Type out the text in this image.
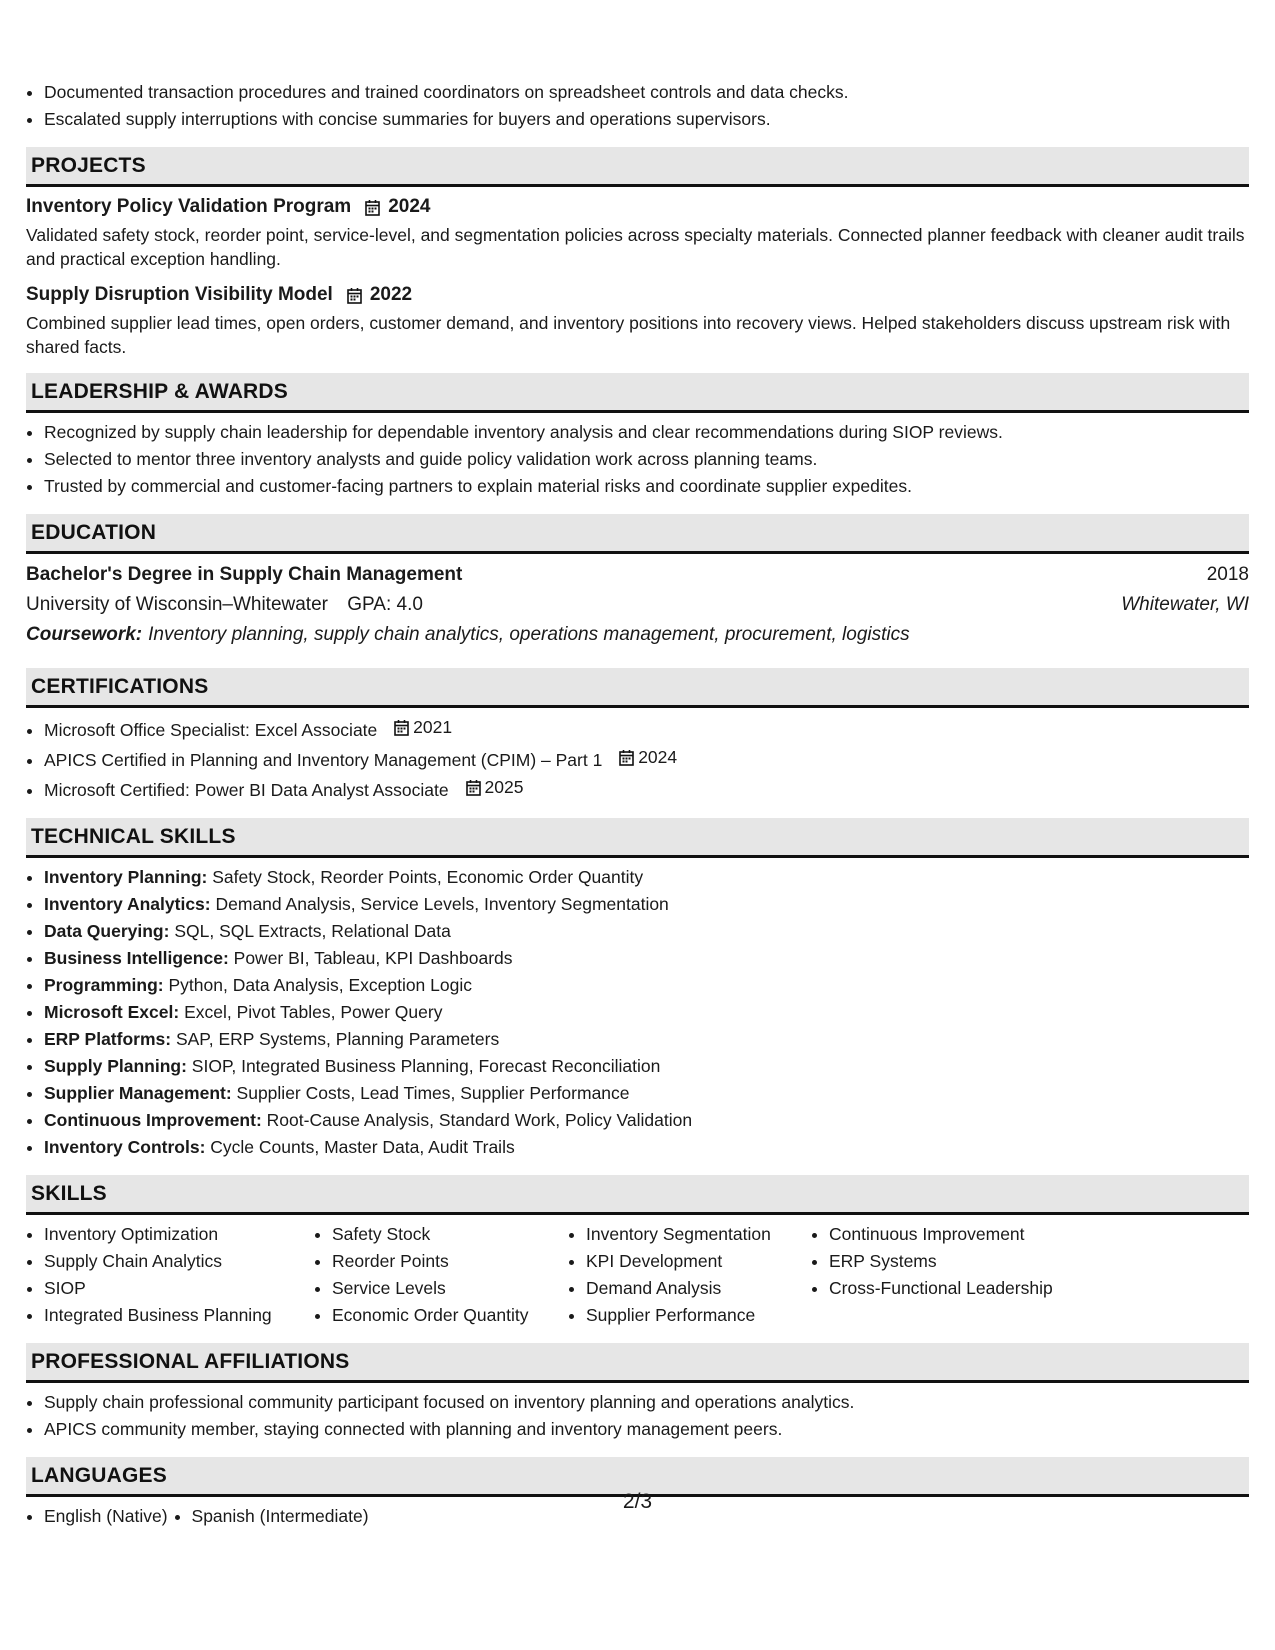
• Documented transaction procedures and trained coordinators on spreadsheet controls and data checks.
• Escalated supply interruptions with concise summaries for buyers and operations supervisors.
PROJECTS
Inventory Policy Validation Program 2024
Validated safety stock, reorder point, service-level, and segmentation policies across specialty materials. Connected planner feedback with cleaner audit trails and practical exception handling.
Supply Disruption Visibility Model 2022
Combined supplier lead times, open orders, customer demand, and inventory positions into recovery views. Helped stakeholders discuss upstream risk with shared facts.
LEADERSHIP & AWARDS
• Recognized by supply chain leadership for dependable inventory analysis and clear recommendations during SIOP reviews.
• Selected to mentor three inventory analysts and guide policy validation work across planning teams.
• Trusted by commercial and customer-facing partners to explain material risks and coordinate supplier expedites.
EDUCATION
Bachelor's Degree in Supply Chain Management	2018
University of Wisconsin–Whitewater GPA: 4.0	Whitewater, WI
Coursework: Inventory planning, supply chain analytics, operations management, procurement, logistics
CERTIFICATIONS
• Microsoft Office Specialist: Excel Associate 2021
• APICS Certified in Planning and Inventory Management (CPIM) – Part 1 2024
• Microsoft Certified: Power BI Data Analyst Associate 2025
TECHNICAL SKILLS
• Inventory Planning: Safety Stock, Reorder Points, Economic Order Quantity
• Inventory Analytics: Demand Analysis, Service Levels, Inventory Segmentation
• Data Querying: SQL, SQL Extracts, Relational Data
• Business Intelligence: Power BI, Tableau, KPI Dashboards
• Programming: Python, Data Analysis, Exception Logic
• Microsoft Excel: Excel, Pivot Tables, Power Query
• ERP Platforms: SAP, ERP Systems, Planning Parameters
• Supply Planning: SIOP, Integrated Business Planning, Forecast Reconciliation
• Supplier Management: Supplier Costs, Lead Times, Supplier Performance
• Continuous Improvement: Root-Cause Analysis, Standard Work, Policy Validation
• Inventory Controls: Cycle Counts, Master Data, Audit Trails
SKILLS
• Inventory Optimization
• Supply Chain Analytics
• SIOP
• Integrated Business Planning
• Safety Stock
• Reorder Points
• Service Levels
• Economic Order Quantity
• Inventory Segmentation
• KPI Development
• Demand Analysis
• Supplier Performance
• Continuous Improvement
• ERP Systems
• Cross-Functional Leadership
PROFESSIONAL AFFILIATIONS
• Supply chain professional community participant focused on inventory planning and operations analytics.
• APICS community member, staying connected with planning and inventory management peers.
LANGUAGES
• English (Native)
• Spanish (Intermediate)
2/3
